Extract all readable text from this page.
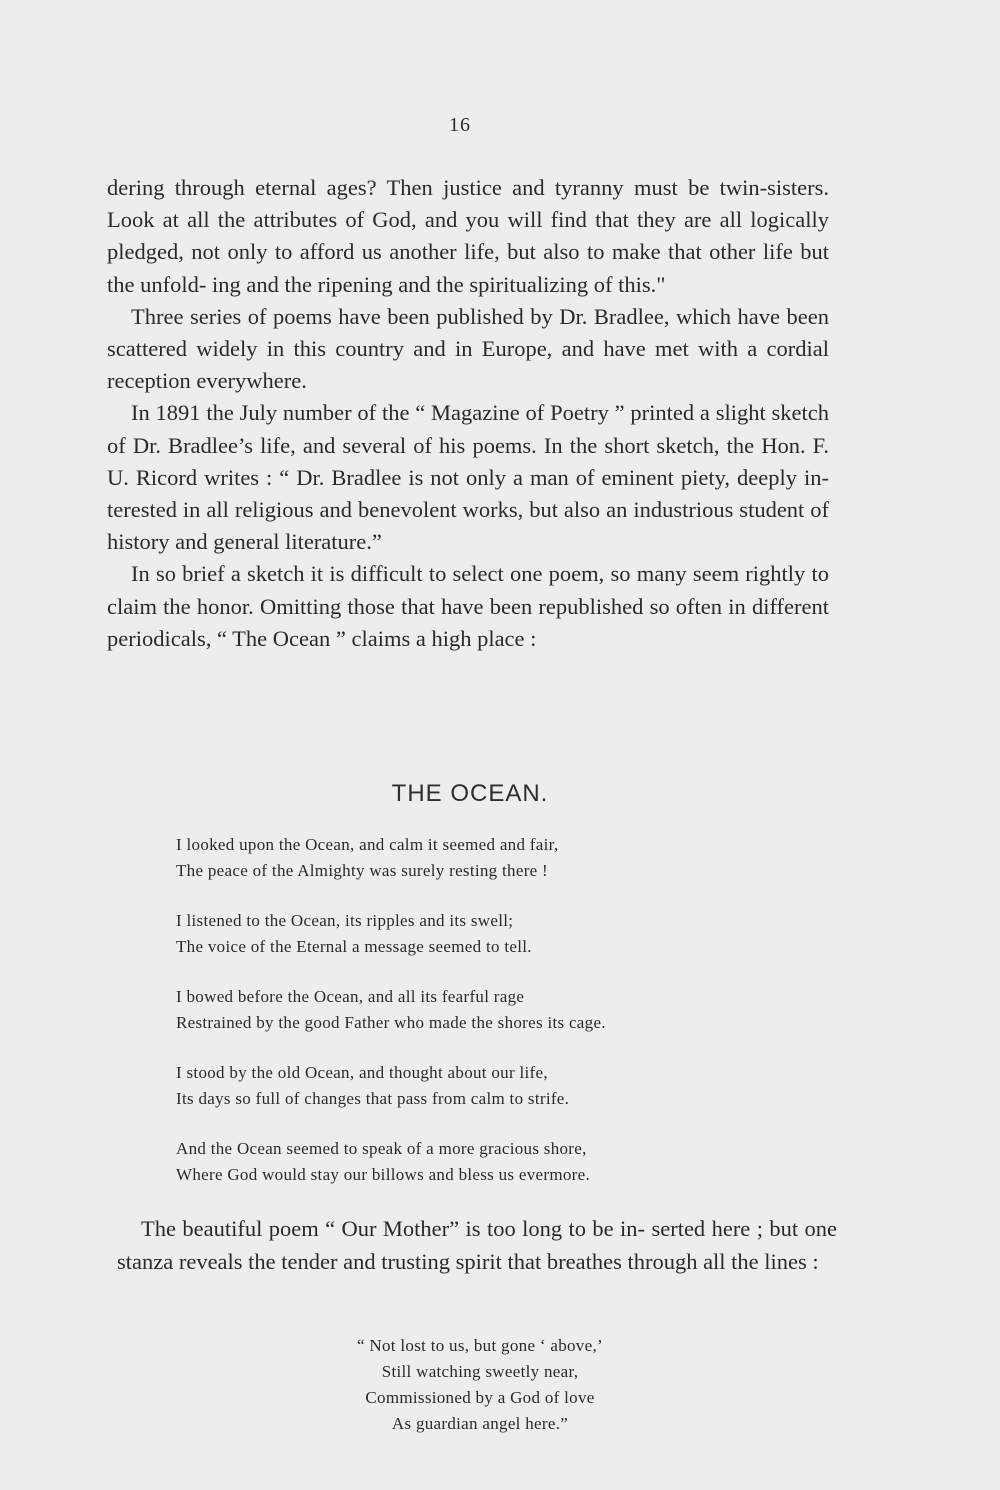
16

dering through eternal ages? Then justice and tyranny must be twin-sisters. Look at all the attributes of God, and you will find that they are all logically pledged, not only to afford us another life, but also to make that other life but the unfold- ing and the ripening and the spiritualizing of this."

Three series of poems have been published by Dr. Bradlee, which have been scattered widely in this country and in Europe, and have met with a cordial reception everywhere.

In 1891 the July number of the “ Magazine of Poetry ” printed a slight sketch of Dr. Bradlee’s life, and several of his poems. In the short sketch, the Hon. F. U. Ricord writes : “ Dr. Bradlee is not only a man of eminent piety, deeply in- terested in all religious and benevolent works, but also an industrious student of history and general literature.”

In so brief a sketch it is difficult to select one poem, so many seem rightly to claim the honor. Omitting those that have been republished so often in different periodicals, “ The Ocean ” claims a high place :

THE OCEAN.
I looked upon the Ocean, and calm it seemed and fair,
The peace of the Almighty was surely resting there !
I listened to the Ocean, its ripples and its swell;
The voice of the Eternal a message seemed to tell.
I bowed before the Ocean, and all its fearful rage
Restrained by the good Father who made the shores its cage.
I stood by the old Ocean, and thought about our life,
Its days so full of changes that pass from calm to strife.
And the Ocean seemed to speak of a more gracious shore,
Where God would stay our billows and bless us evermore.

The beautiful poem “ Our Mother” is too long to be in- serted here ; but one stanza reveals the tender and trusting spirit that breathes through all the lines :

“ Not lost to us, but gone ‘ above,’
Still watching sweetly near,
Commissioned by a God of love
As guardian angel here.”
